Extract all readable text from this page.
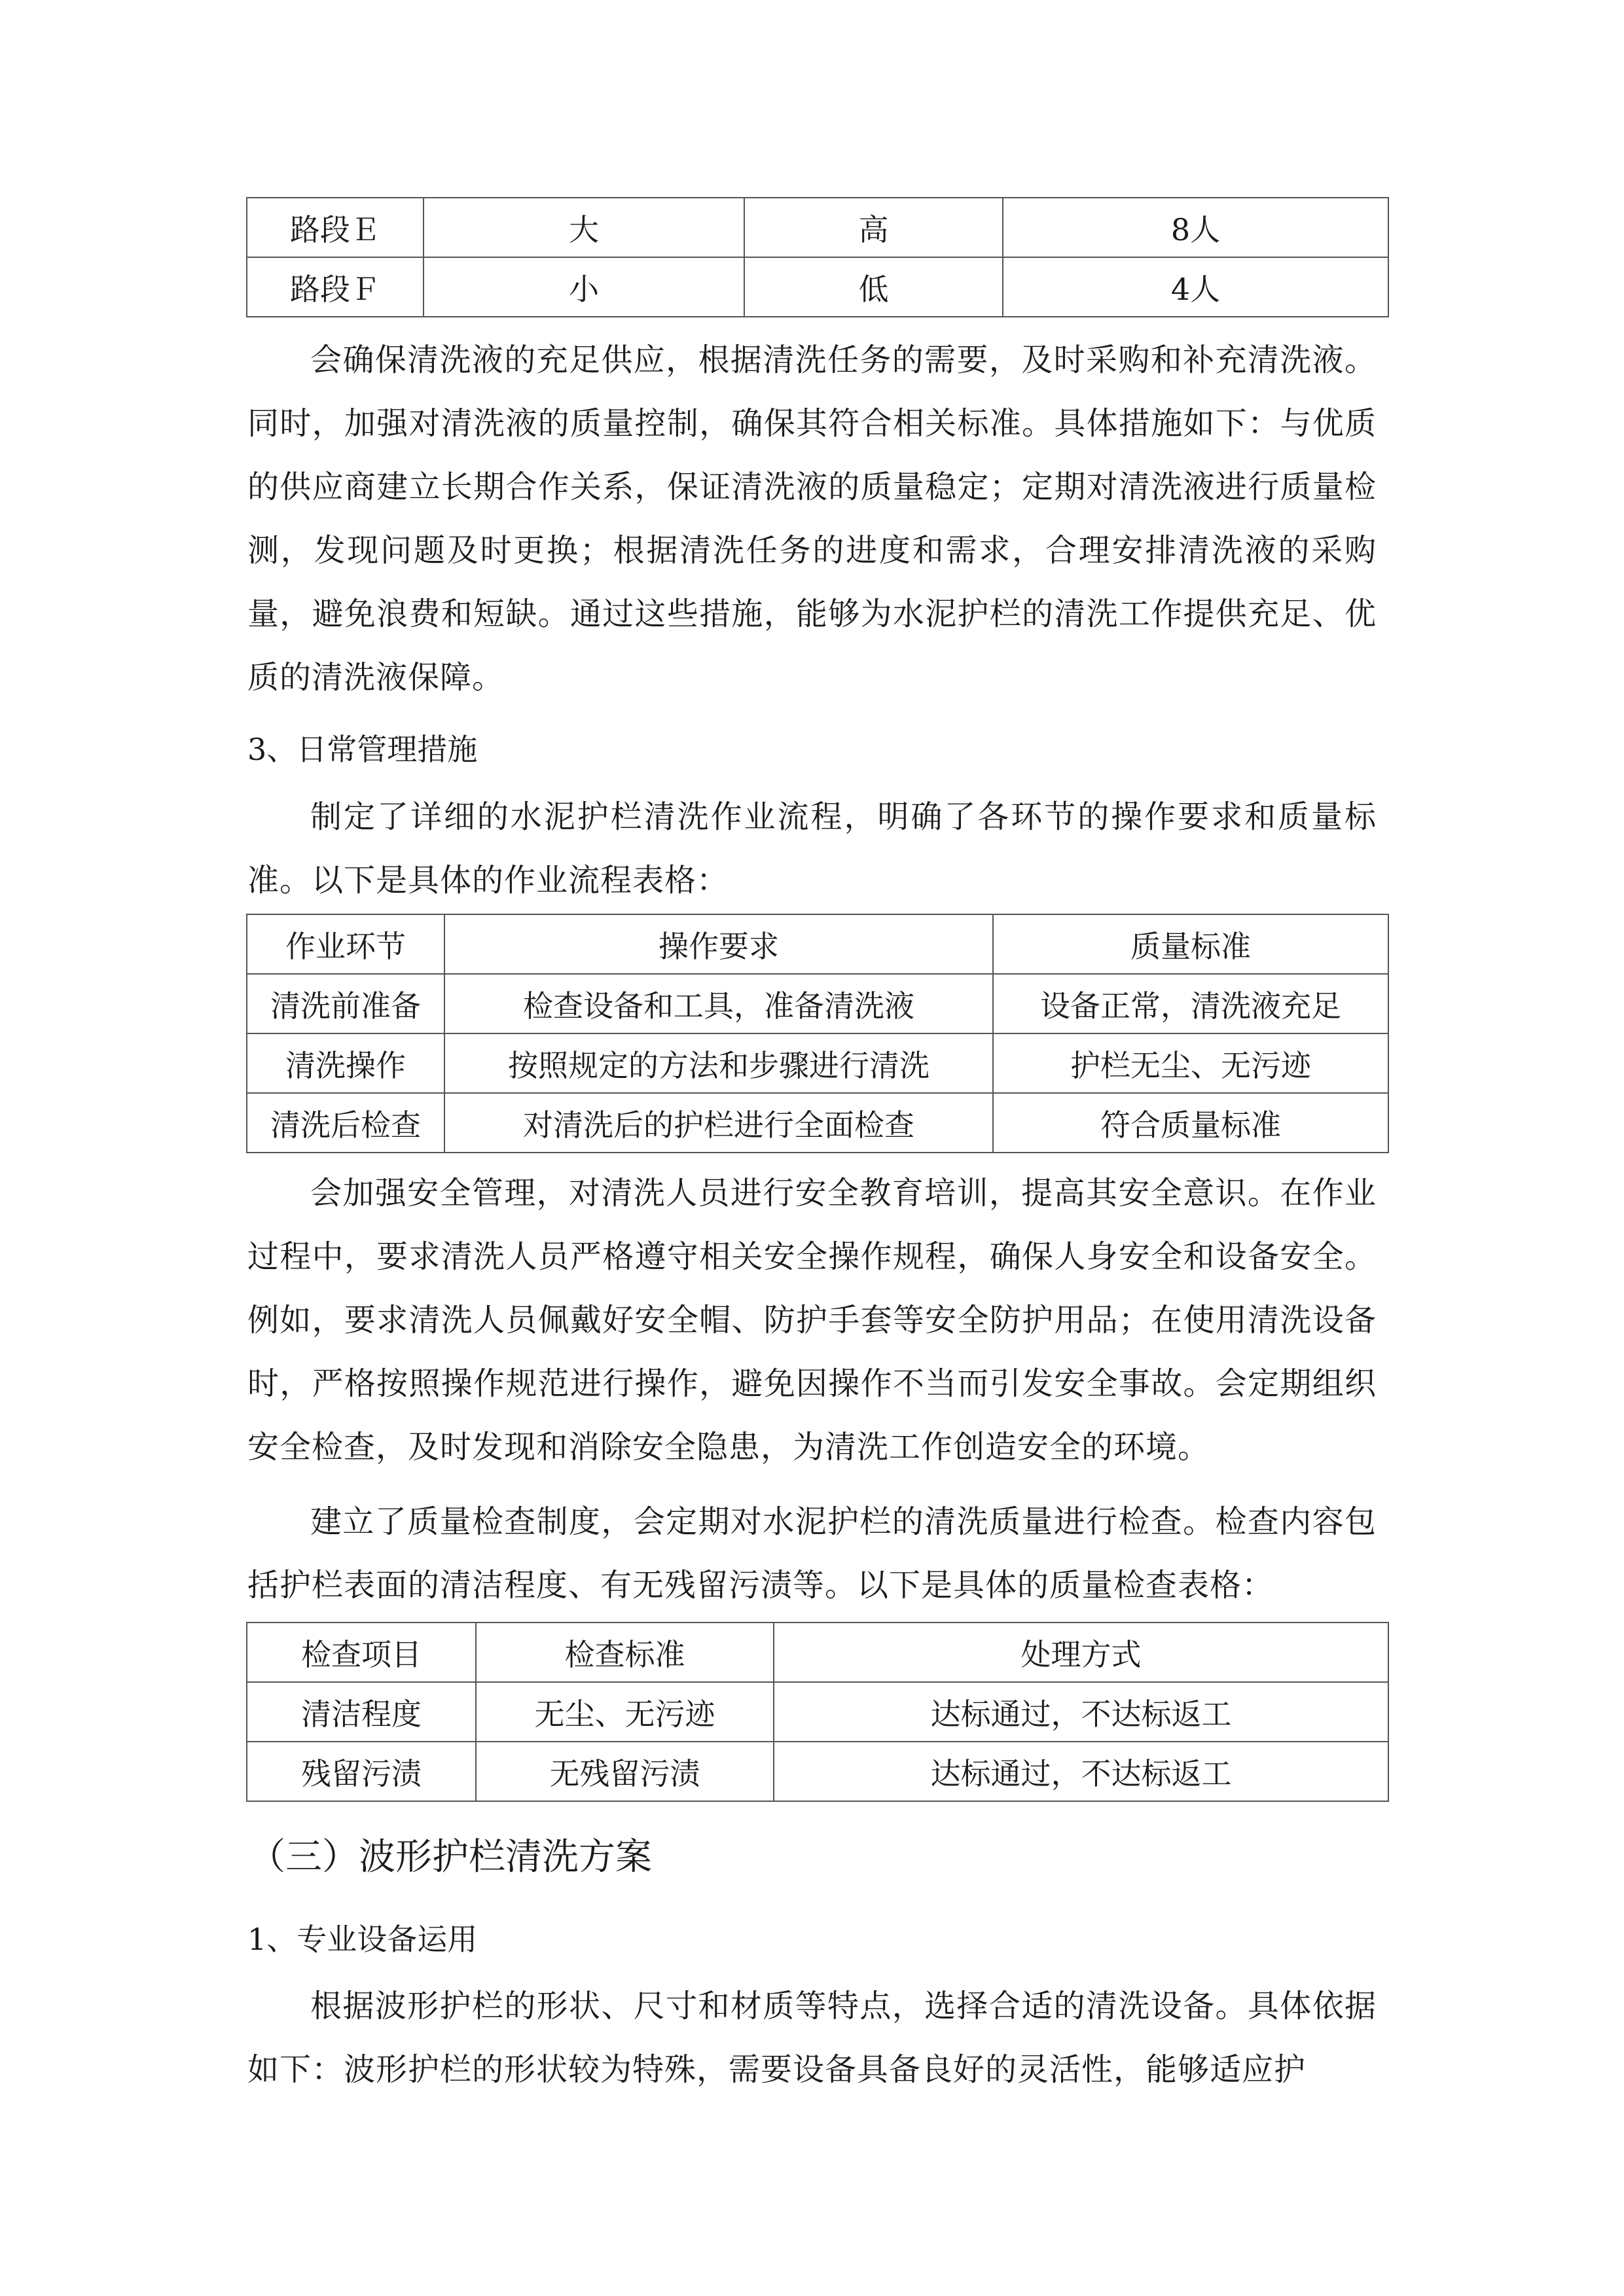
路段Ｅ	大	高	8人
路段Ｆ	小	低	4人

会确保清洗液的充足供应，根据清洗任务的需要，及时采购和补充清洗液。同时，加强对清洗液的质量控制，确保其符合相关标准。具体措施如下：与优质的供应商建立长期合作关系，保证清洗液的质量稳定；定期对清洗液进行质量检测，发现问题及时更换；根据清洗任务的进度和需求，合理安排清洗液的采购量，避免浪费和短缺。通过这些措施，能够为水泥护栏的清洗工作提供充足、优质的清洗液保障。

3、日常管理措施

制定了详细的水泥护栏清洗作业流程，明确了各环节的操作要求和质量标准。以下是具体的作业流程表格：

作业环节	操作要求	质量标准
清洗前准备	检查设备和工具，准备清洗液	设备正常，清洗液充足
清洗操作	按照规定的方法和步骤进行清洗	护栏无尘、无污迹
清洗后检查	对清洗后的护栏进行全面检查	符合质量标准

会加强安全管理，对清洗人员进行安全教育培训，提高其安全意识。在作业过程中，要求清洗人员严格遵守相关安全操作规程，确保人身安全和设备安全。例如，要求清洗人员佩戴好安全帽、防护手套等安全防护用品；在使用清洗设备时，严格按照操作规范进行操作，避免因操作不当而引发安全事故。会定期组织安全检查，及时发现和消除安全隐患，为清洗工作创造安全的环境。

建立了质量检查制度，会定期对水泥护栏的清洗质量进行检查。检查内容包括护栏表面的清洁程度、有无残留污渍等。以下是具体的质量检查表格：

检查项目	检查标准	处理方式
清洁程度	无尘、无污迹	达标通过，不达标返工
残留污渍	无残留污渍	达标通过，不达标返工
（三）波形护栏清洗方案
1、专业设备运用

根据波形护栏的形状、尺寸和材质等特点，选择合适的清洗设备。具体依据如下：波形护栏的形状较为特殊，需要设备具备良好的灵活性，能够适应护
